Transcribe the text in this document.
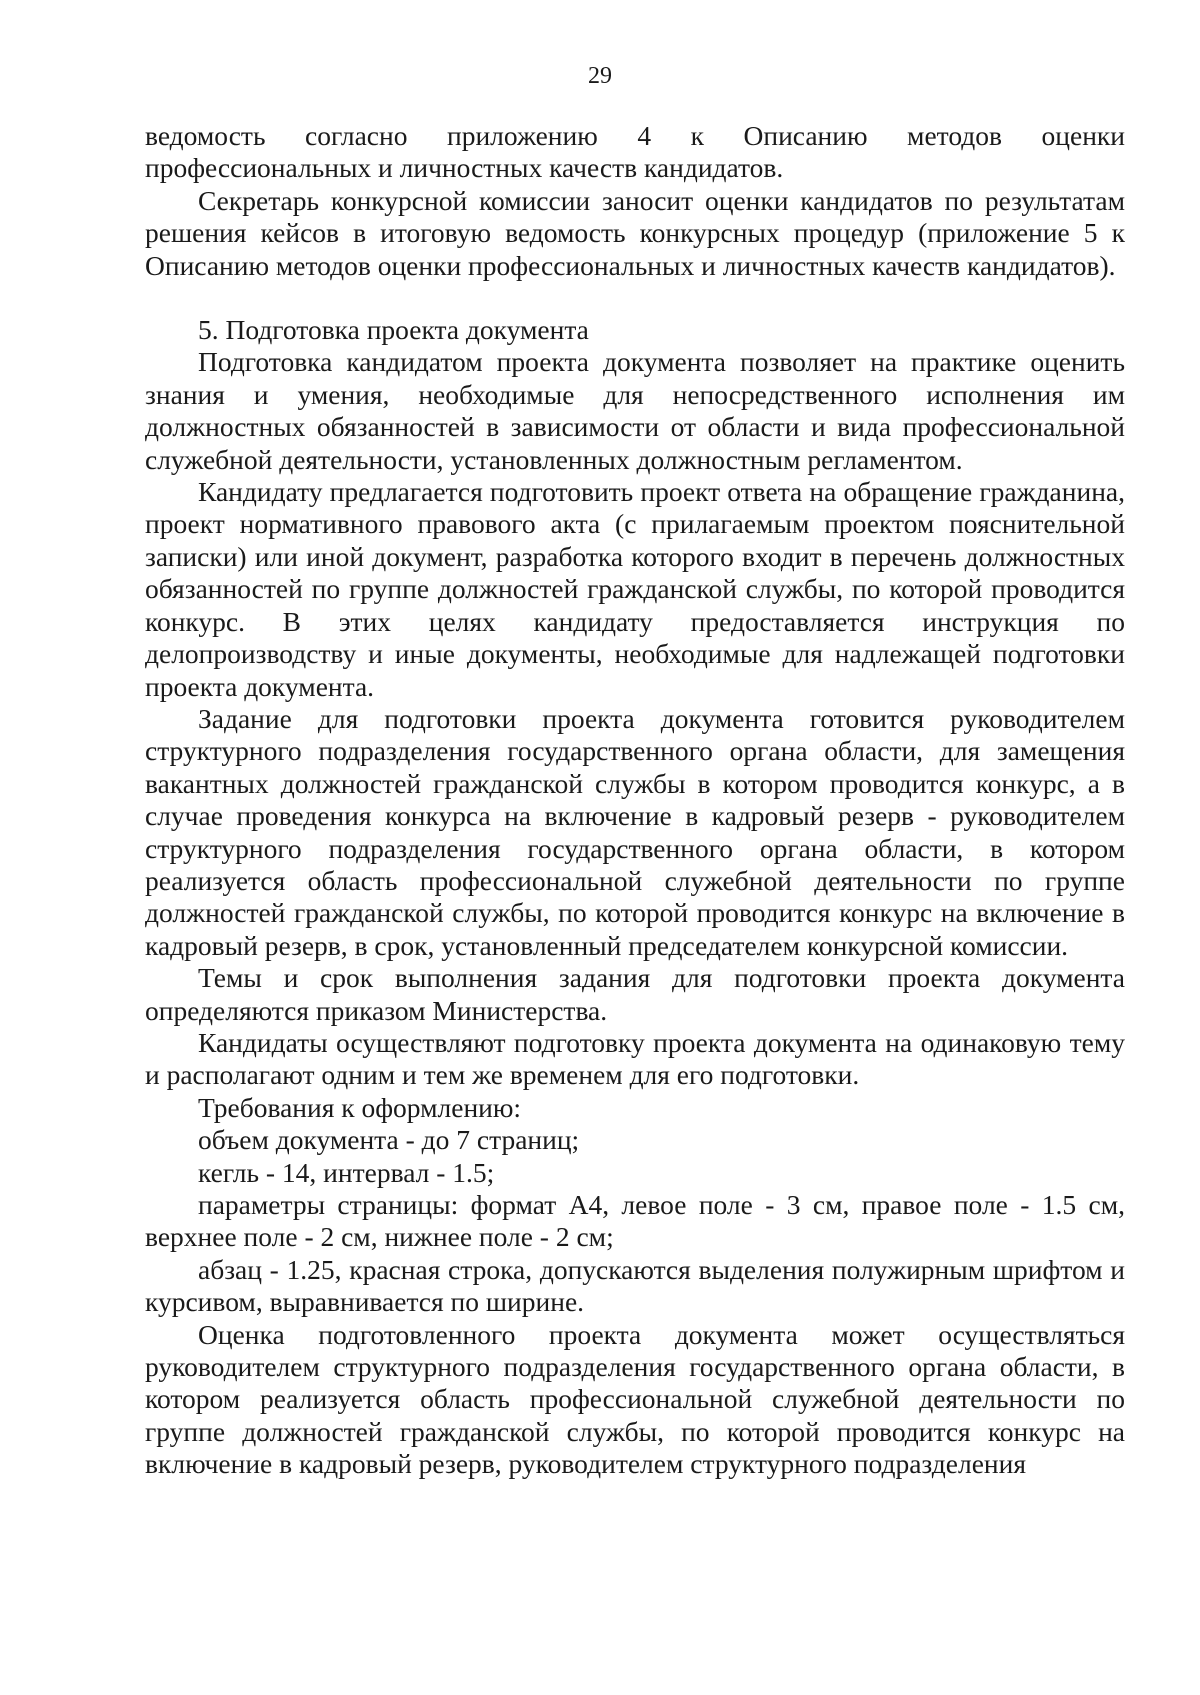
29

ведомость согласно приложению 4 к Описанию методов оценки профессиональных и личностных качеств кандидатов.

Секретарь конкурсной комиссии заносит оценки кандидатов по результатам решения кейсов в итоговую ведомость конкурсных процедур (приложение 5 к Описанию методов оценки профессиональных и личностных качеств кандидатов).

5. Подготовка проекта документа

Подготовка кандидатом проекта документа позволяет на практике оценить знания и умения, необходимые для непосредственного исполнения им должностных обязанностей в зависимости от области и вида профессиональной служебной деятельности, установленных должностным регламентом.

Кандидату предлагается подготовить проект ответа на обращение гражданина, проект нормативного правового акта (с прилагаемым проектом пояснительной записки) или иной документ, разработка которого входит в перечень должностных обязанностей по группе должностей гражданской службы, по которой проводится конкурс. В этих целях кандидату предоставляется инструкция по делопроизводству и иные документы, необходимые для надлежащей подготовки проекта документа.

Задание для подготовки проекта документа готовится руководителем структурного подразделения государственного органа области, для замещения вакантных должностей гражданской службы в котором проводится конкурс, а в случае проведения конкурса на включение в кадровый резерв - руководителем структурного подразделения государственного органа области, в котором реализуется область профессиональной служебной деятельности по группе должностей гражданской службы, по которой проводится конкурс на включение в кадровый резерв, в срок, установленный председателем конкурсной комиссии.

Темы и срок выполнения задания для подготовки проекта документа определяются приказом Министерства.

Кандидаты осуществляют подготовку проекта документа на одинаковую тему и располагают одним и тем же временем для его подготовки.

Требования к оформлению:

объем документа - до 7 страниц;

кегль - 14, интервал - 1.5;

параметры страницы: формат А4, левое поле - 3 см, правое поле - 1.5 см, верхнее поле - 2 см, нижнее поле - 2 см;

абзац - 1.25, красная строка, допускаются выделения полужирным шрифтом и курсивом, выравнивается по ширине.

Оценка подготовленного проекта документа может осуществляться руководителем структурного подразделения государственного органа области, в котором реализуется область профессиональной служебной деятельности по группе должностей гражданской службы, по которой проводится конкурс на включение в кадровый резерв, руководителем структурного подразделения
